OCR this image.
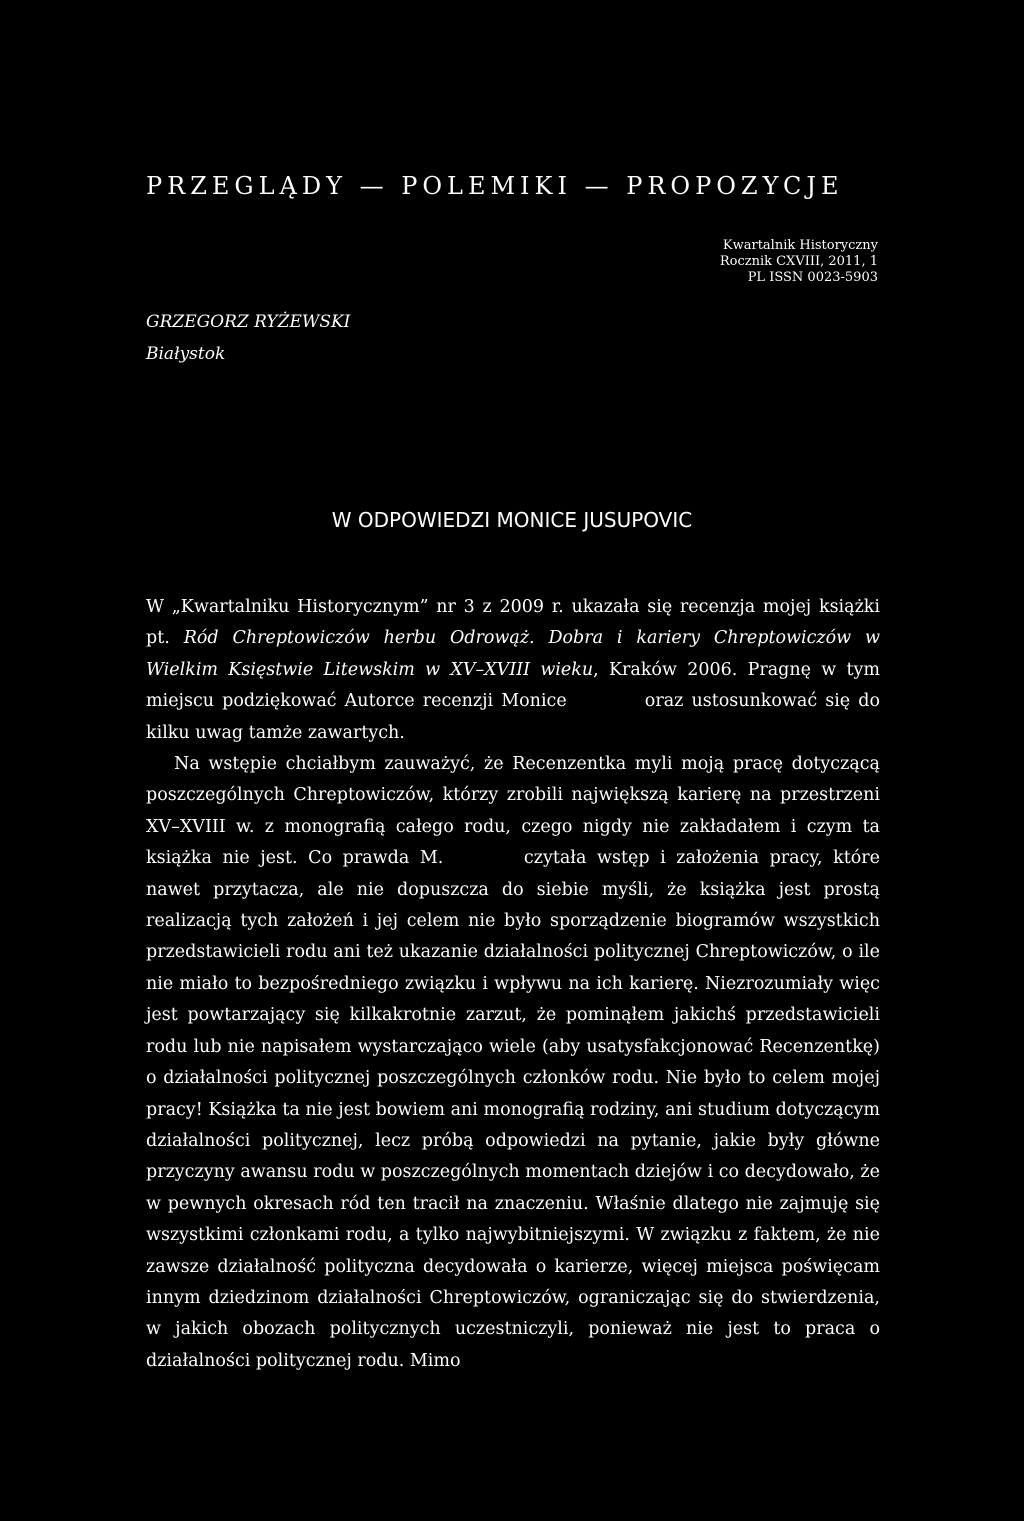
PRZEGLĄDY — POLEMIKI — PROPOZYCJE
Kwartalnik Historyczny
Rocznik CXVIII, 2011, 1
PL ISSN 0023-5903
GRZEGORZ RYŻEWSKI
Białystok
W ODPOWIEDZI MONICE JUSUPOVIC

W „Kwartalniku Historycznym” nr 3 z 2009 r. ukazała się recenzja mojej książki pt. Ród Chreptowiczów herbu Odrowąż. Dobra i kariery Chreptowiczów w Wielkim Księstwie Litewskim w XV–XVIII wieku, Kraków 2006. Pragnę w tym miejscu podziękować Autorce recenzji Monice	oraz ustosunkować się do kilku uwag tamże zawartych.

Na wstępie chciałbym zauważyć, że Recenzentka myli moją pracę dotyczącą poszczególnych Chreptowiczów, którzy zrobili największą karierę na przestrzeni XV–XVIII w. z monografią całego rodu, czego nigdy nie zakładałem i czym ta książka nie jest. Co prawda M.	czytała wstęp i założenia pracy, które nawet przytacza, ale nie dopuszcza do siebie myśli, że książka jest prostą realizacją tych założeń i jej celem nie było sporządzenie biogramów wszystkich przedstawicieli rodu ani też ukazanie działalności politycznej Chreptowiczów, o ile nie miało to bezpośredniego związku i wpływu na ich karierę. Niezrozumiały więc jest powtarzający się kilkakrotnie zarzut, że pominąłem jakichś przedstawicieli rodu lub nie napisałem wystarczająco wiele (aby usatysfakcjonować Recenzentkę) o działalności politycznej poszczególnych członków rodu. Nie było to celem mojej pracy! Książka ta nie jest bowiem ani monografią rodziny, ani studium dotyczącym działalności politycznej, lecz próbą odpowiedzi na pytanie, jakie były główne przyczyny awansu rodu w poszczególnych momentach dziejów i co decydowało, że w pewnych okresach ród ten tracił na znaczeniu. Właśnie dlatego nie zajmuję się wszystkimi członkami rodu, a tylko najwybitniejszymi. W związku z faktem, że nie zawsze działalność polityczna decydowała o karierze, więcej miejsca poświęcam innym dziedzinom działalności Chreptowiczów, ograniczając się do stwierdzenia, w jakich obozach politycznych uczestniczyli, ponieważ nie jest to praca o działalności politycznej rodu. Mimo
